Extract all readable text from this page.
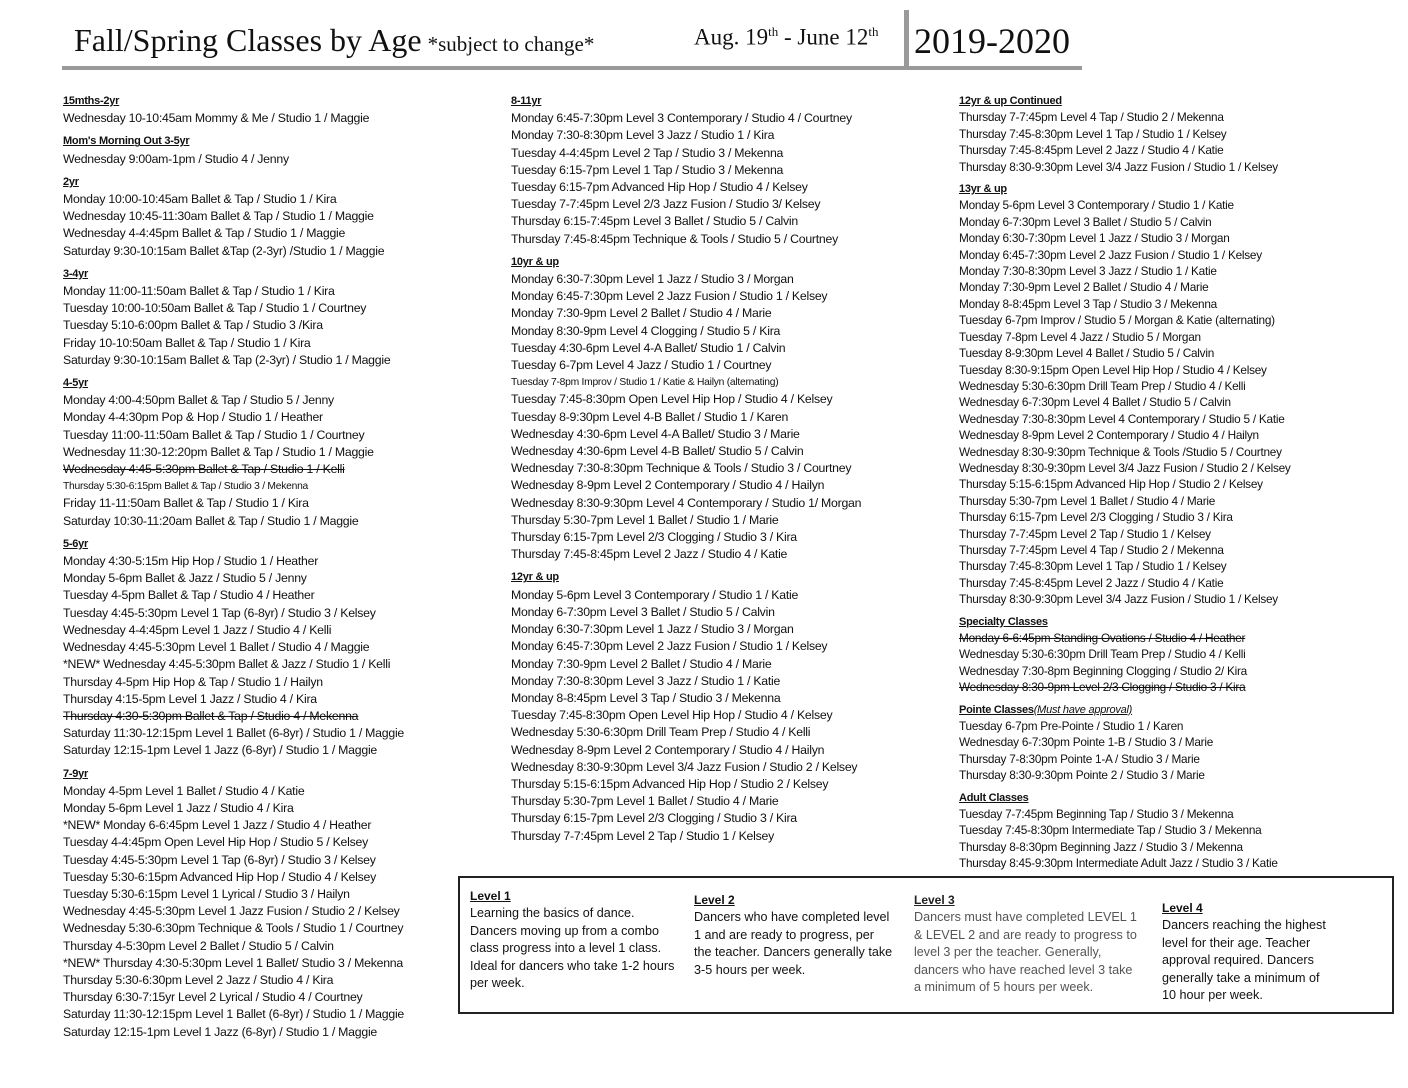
Fall/Spring Classes by Age *subject to change*	Aug. 19th - June 12th 2019-2020
15mths-2yr
Wednesday 10-10:45am Mommy & Me / Studio 1 / Maggie
Mom's Morning Out 3-5yr
Wednesday 9:00am-1pm / Studio 4 / Jenny
2yr
Monday 10:00-10:45am Ballet & Tap / Studio 1 / Kira
Wednesday 10:45-11:30am Ballet & Tap / Studio 1 / Maggie
Wednesday 4-4:45pm Ballet & Tap / Studio 1 / Maggie
Saturday 9:30-10:15am Ballet &Tap (2-3yr) /Studio 1 / Maggie
3-4yr
Monday 11:00-11:50am Ballet & Tap / Studio 1 / Kira
Tuesday 10:00-10:50am Ballet & Tap / Studio 1 / Courtney
Tuesday 5:10-6:00pm Ballet & Tap / Studio 3 /Kira
Friday 10-10:50am Ballet & Tap / Studio 1 / Kira
Saturday 9:30-10:15am Ballet & Tap (2-3yr) / Studio 1 / Maggie
4-5yr
Monday 4:00-4:50pm Ballet & Tap / Studio 5 / Jenny
Monday 4-4:30pm Pop & Hop / Studio 1 / Heather
Tuesday 11:00-11:50am Ballet & Tap / Studio 1 / Courtney
Wednesday 11:30-12:20pm Ballet & Tap / Studio 1 / Maggie
Wednesday 4:45-5:30pm Ballet & Tap / Studio 1 / Kelli
Thursday 5:30-6:15pm Ballet & Tap / Studio 3 / Mekenna
Friday 11-11:50am Ballet & Tap / Studio 1 / Kira
Saturday 10:30-11:20am Ballet & Tap / Studio 1 / Maggie
5-6yr
Monday 4:30-5:15m Hip Hop / Studio 1 / Heather
Monday 5-6pm Ballet & Jazz / Studio 5 / Jenny
Tuesday 4-5pm Ballet & Tap / Studio 4 / Heather
Tuesday 4:45-5:30pm Level 1 Tap (6-8yr) / Studio 3 / Kelsey
Wednesday 4-4:45pm Level 1 Jazz / Studio 4 / Kelli
Wednesday 4:45-5:30pm Level 1 Ballet / Studio 4 / Maggie
*NEW* Wednesday 4:45-5:30pm Ballet & Jazz / Studio 1 / Kelli
Thursday 4-5pm Hip Hop & Tap / Studio 1 / Hailyn
Thursday 4:15-5pm Level 1 Jazz / Studio 4 / Kira
Thursday 4:30-5:30pm Ballet & Tap / Studio 4 / Mekenna
Saturday 11:30-12:15pm Level 1 Ballet (6-8yr) / Studio 1 / Maggie
Saturday 12:15-1pm Level 1 Jazz (6-8yr) / Studio 1 / Maggie
7-9yr
Monday 4-5pm Level 1 Ballet / Studio 4 / Katie
Monday 5-6pm Level 1 Jazz / Studio 4 / Kira
*NEW* Monday 6-6:45pm Level 1 Jazz / Studio 4 / Heather
Tuesday 4-4:45pm Open Level Hip Hop / Studio 5 / Kelsey
Tuesday 4:45-5:30pm Level 1 Tap (6-8yr) / Studio 3 / Kelsey
Tuesday 5:30-6:15pm Advanced Hip Hop / Studio 4 / Kelsey
Tuesday 5:30-6:15pm Level 1 Lyrical / Studio 3 / Hailyn
Wednesday 4:45-5:30pm Level 1 Jazz Fusion / Studio 2 / Kelsey
Wednesday 5:30-6:30pm Technique & Tools / Studio 1 / Courtney
Thursday 4-5:30pm Level 2 Ballet / Studio 5 / Calvin
*NEW* Thursday 4:30-5:30pm Level 1 Ballet/ Studio 3 / Mekenna
Thursday 5:30-6:30pm Level 2 Jazz / Studio 4 / Kira
Thursday 6:30-7:15yr Level 2 Lyrical / Studio 4 / Courtney
Saturday 11:30-12:15pm Level 1 Ballet (6-8yr) / Studio 1 / Maggie
Saturday 12:15-1pm Level 1 Jazz (6-8yr) / Studio 1 / Maggie
8-11yr
Monday 6:45-7:30pm Level 3 Contemporary / Studio 4 / Courtney
Monday 7:30-8:30pm Level 3 Jazz / Studio 1 / Kira
Tuesday 4-4:45pm Level 2 Tap / Studio 3 / Mekenna
Tuesday 6:15-7pm Level 1 Tap / Studio 3 / Mekenna
Tuesday 6:15-7pm Advanced Hip Hop / Studio 4 / Kelsey
Tuesday 7-7:45pm Level 2/3 Jazz Fusion / Studio 3/ Kelsey
Thursday 6:15-7:45pm Level 3 Ballet / Studio 5 / Calvin
Thursday 7:45-8:45pm Technique & Tools / Studio 5 / Courtney
10yr & up
Monday 6:30-7:30pm Level 1 Jazz / Studio 3 / Morgan
Monday 6:45-7:30pm Level 2 Jazz Fusion / Studio 1 / Kelsey
Monday 7:30-9pm Level 2 Ballet / Studio 4 / Marie
Monday 8:30-9pm Level 4 Clogging / Studio 5 / Kira
Tuesday 4:30-6pm Level 4-A Ballet/ Studio 1 / Calvin
Tuesday 6-7pm Level 4 Jazz / Studio 1 / Courtney
Tuesday 7-8pm Improv / Studio 1 / Katie & Hailyn (alternating)
Tuesday 7:45-8:30pm Open Level Hip Hop / Studio 4 / Kelsey
Tuesday 8-9:30pm Level 4-B Ballet / Studio 1 / Karen
Wednesday 4:30-6pm Level 4-A Ballet/ Studio 3 / Marie
Wednesday 4:30-6pm Level 4-B Ballet/ Studio 5 / Calvin
Wednesday 7:30-8:30pm Technique & Tools / Studio 3 / Courtney
Wednesday 8-9pm Level 2 Contemporary / Studio 4 / Hailyn
Wednesday 8:30-9:30pm Level 4 Contemporary / Studio 1/ Morgan
Thursday 5:30-7pm Level 1 Ballet / Studio 1 / Marie
Thursday 6:15-7pm Level 2/3 Clogging / Studio 3 / Kira
Thursday 7:45-8:45pm Level 2 Jazz / Studio 4 / Katie
12yr & up
Monday 5-6pm Level 3 Contemporary / Studio 1 / Katie
Monday 6-7:30pm Level 3 Ballet / Studio 5 / Calvin
Monday 6:30-7:30pm Level 1 Jazz / Studio 3 / Morgan
Monday 6:45-7:30pm Level 2 Jazz Fusion / Studio 1 / Kelsey
Monday 7:30-9pm Level 2 Ballet / Studio 4 / Marie
Monday 7:30-8:30pm Level 3 Jazz / Studio 1 / Katie
Monday 8-8:45pm Level 3 Tap / Studio 3 / Mekenna
Tuesday 7:45-8:30pm Open Level Hip Hop / Studio 4 / Kelsey
Wednesday 5:30-6:30pm Drill Team Prep / Studio 4 / Kelli
Wednesday 8-9pm Level 2 Contemporary / Studio 4 / Hailyn
Wednesday 8:30-9:30pm Level 3/4 Jazz Fusion / Studio 2 / Kelsey
Thursday 5:15-6:15pm Advanced Hip Hop / Studio 2 / Kelsey
Thursday 5:30-7pm Level 1 Ballet / Studio 4 / Marie
Thursday 6:15-7pm Level 2/3 Clogging / Studio 3 / Kira
Thursday 7-7:45pm Level 2 Tap / Studio 1 / Kelsey
12yr & up Continued
Thursday 7-7:45pm Level 4 Tap / Studio 2 / Mekenna
Thursday 7:45-8:30pm Level 1 Tap / Studio 1 / Kelsey
Thursday 7:45-8:45pm Level 2 Jazz / Studio 4 / Katie
Thursday 8:30-9:30pm Level 3/4 Jazz Fusion / Studio 1 / Kelsey
13yr & up
Monday 5-6pm Level 3 Contemporary / Studio 1 / Katie
Monday 6-7:30pm Level 3 Ballet / Studio 5 / Calvin
Monday 6:30-7:30pm Level 1 Jazz / Studio 3 / Morgan
Monday 6:45-7:30pm Level 2 Jazz Fusion / Studio 1 / Kelsey
Monday 7:30-8:30pm Level 3 Jazz / Studio 1 / Katie
Monday 7:30-9pm Level 2 Ballet / Studio 4 / Marie
Monday 8-8:45pm Level 3 Tap / Studio 3 / Mekenna
Tuesday 6-7pm Improv / Studio 5 / Morgan & Katie (alternating)
Tuesday 7-8pm Level 4 Jazz / Studio 5 / Morgan
Tuesday 8-9:30pm Level 4 Ballet / Studio 5 / Calvin
Tuesday 8:30-9:15pm Open Level Hip Hop / Studio 4 / Kelsey
Wednesday 5:30-6:30pm Drill Team Prep / Studio 4 / Kelli
Wednesday 6-7:30pm Level 4 Ballet / Studio 5 / Calvin
Wednesday 7:30-8:30pm Level 4 Contemporary / Studio 5 / Katie
Wednesday 8-9pm Level 2 Contemporary / Studio 4 / Hailyn
Wednesday 8:30-9:30pm Technique & Tools /Studio 5 / Courtney
Wednesday 8:30-9:30pm Level 3/4 Jazz Fusion / Studio 2 / Kelsey
Thursday 5:15-6:15pm Advanced Hip Hop / Studio 2 / Kelsey
Thursday 5:30-7pm Level 1 Ballet / Studio 4 / Marie
Thursday 6:15-7pm Level 2/3 Clogging / Studio 3 / Kira
Thursday 7-7:45pm Level 2 Tap / Studio 1 / Kelsey
Thursday 7-7:45pm Level 4 Tap / Studio 2 / Mekenna
Thursday 7:45-8:30pm Level 1 Tap / Studio 1 / Kelsey
Thursday 7:45-8:45pm Level 2 Jazz / Studio 4 / Katie
Thursday 8:30-9:30pm Level 3/4 Jazz Fusion / Studio 1 / Kelsey
Specialty Classes
Monday 6-6:45pm Standing Ovations / Studio 4 / Heather
Wednesday 5:30-6:30pm Drill Team Prep / Studio 4 / Kelli
Wednesday 7:30-8pm Beginning Clogging / Studio 2/ Kira
Wednesday 8:30-9pm Level 2/3 Clogging / Studio 3 / Kira
Pointe Classes(Must have approval)
Tuesday 6-7pm Pre-Pointe / Studio 1 / Karen
Wednesday 6-7:30pm Pointe 1-B / Studio 3 / Marie
Thursday 7-8:30pm Pointe 1-A / Studio 3 / Marie
Thursday 8:30-9:30pm Pointe 2 / Studio 3 / Marie
Adult Classes
Tuesday 7-7:45pm Beginning Tap / Studio 3 / Mekenna
Tuesday 7:45-8:30pm Intermediate Tap / Studio 3 / Mekenna
Thursday 8-8:30pm Beginning Jazz / Studio 3 / Mekenna
Thursday 8:45-9:30pm Intermediate Adult Jazz / Studio 3 / Katie
Level 1
Learning the basics of dance. Dancers moving up from a combo class progress into a level 1 class. Ideal for dancers who take 1-2 hours per week.
Level 2
Dancers who have completed level 1 and are ready to progress, per the teacher. Dancers generally take 3-5 hours per week.
Level 3
Dancers must have completed LEVEL 1 & LEVEL 2 and are ready to progress to level 3 per the teacher. Generally, dancers who have reached level 3 take a minimum of 5 hours per week.
Level 4
Dancers reaching the highest level for their age. Teacher approval required. Dancers generally take a minimum of 10 hour per week.
